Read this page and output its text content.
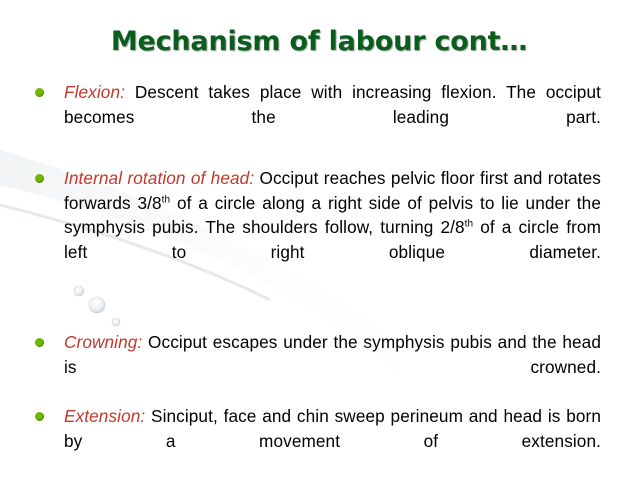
Mechanism of labour cont…
Flexion: Descent takes place with increasing flexion. The occiput becomes the leading part.
Internal rotation of head: Occiput reaches pelvic floor first and rotates forwards 3/8th of a circle along a right side of pelvis to lie under the symphysis pubis. The shoulders follow, turning 2/8th of a circle from left to right oblique diameter.
Crowning: Occiput escapes under the symphysis pubis and the head is crowned.
Extension: Sinciput, face and chin sweep perineum and head is born by a movement of extension.
